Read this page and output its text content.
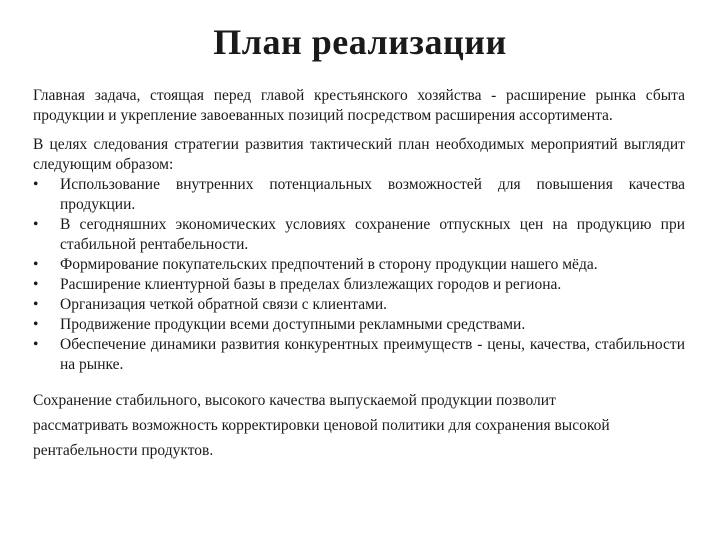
План реализации

Главная задача, стоящая перед главой крестьянского хозяйства - расширение рынка сбыта продукции и укрепление завоеванных позиций посредством расширения ассортимента.

В целях следования стратегии развития тактический план необходимых мероприятий выглядит следующим образом:

• Использование внутренних потенциальных возможностей для повышения качества продукции.
• В сегодняшних экономических условиях сохранение отпускных цен на продукцию при стабильной рентабельности.
• Формирование покупательских предпочтений в сторону продукции нашего мёда.
• Расширение клиентурной базы в пределах близлежащих городов и региона.
• Организация четкой обратной связи с клиентами.
• Продвижение продукции всеми доступными рекламными средствами.
• Обеспечение динамики развития конкурентных преимуществ - цены, качества, стабильности на рынке.

Сохранение стабильного, высокого качества выпускаемой продукции позволит рассматривать возможность корректировки ценовой политики для сохранения высокой рентабельности продуктов.
